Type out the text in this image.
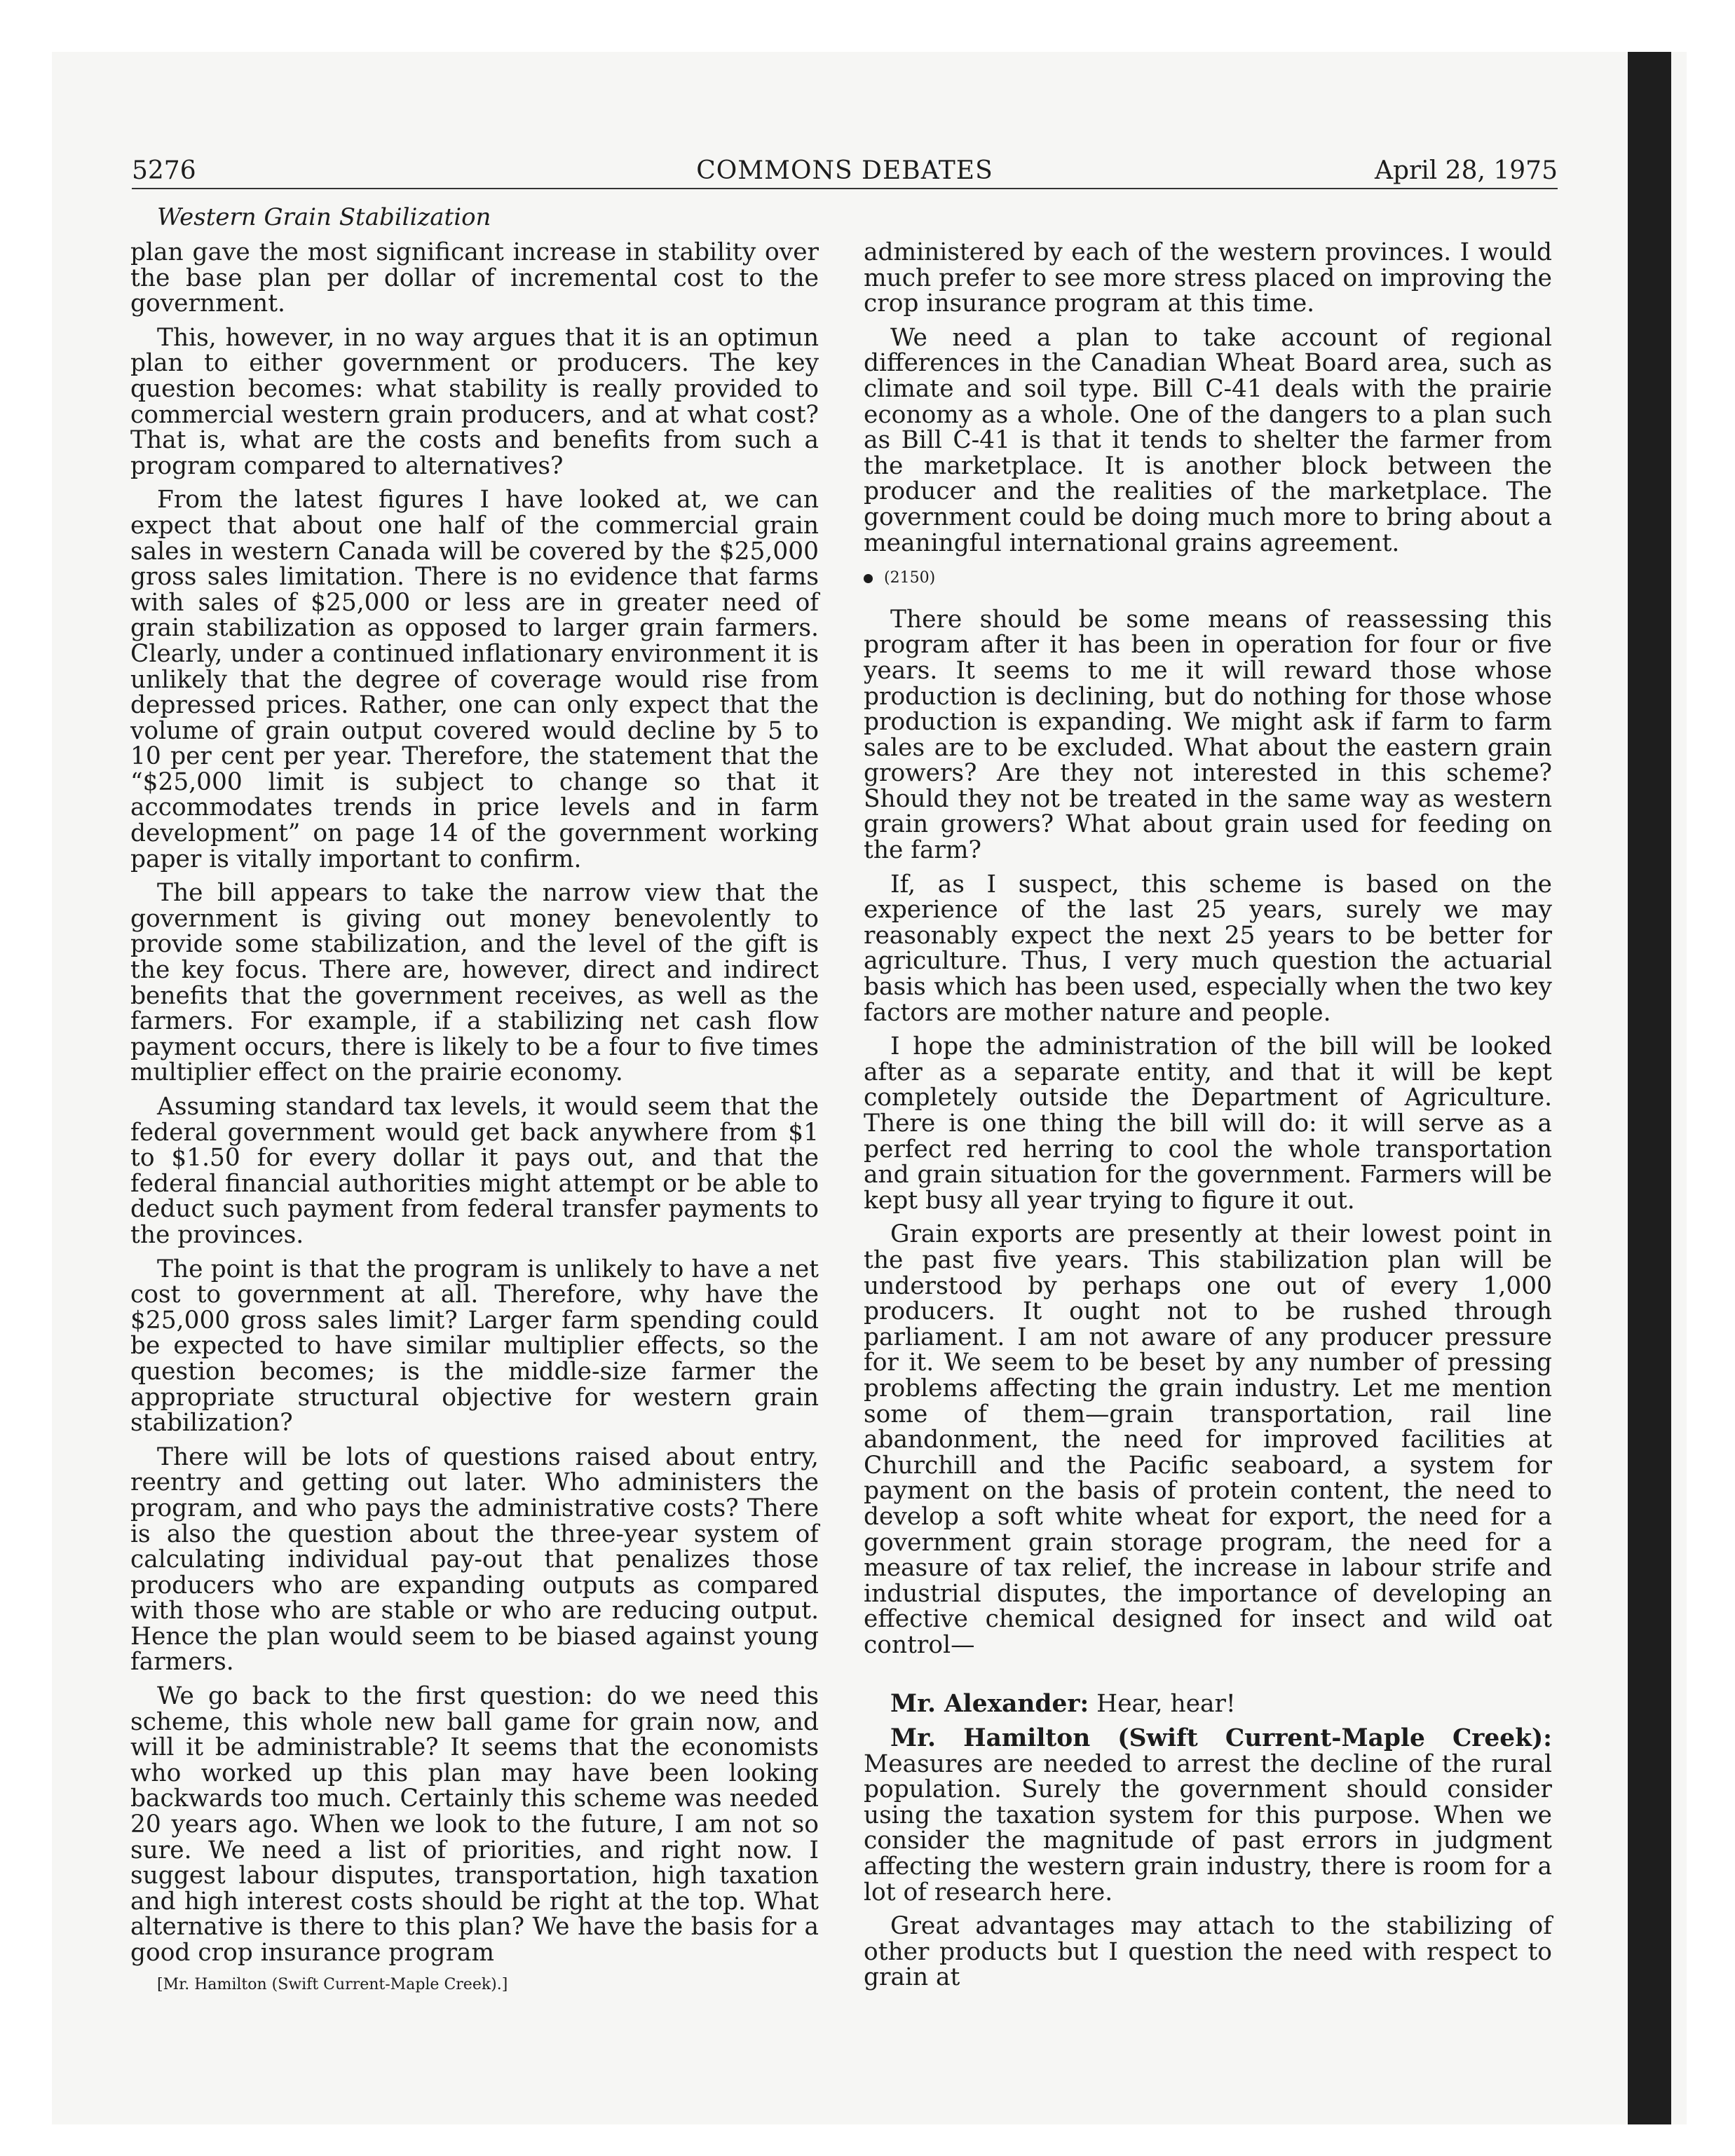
5276	COMMONS DEBATES	April 28, 1975

Western Grain Stabilization

plan gave the most significant increase in stability over the base plan per dollar of incremental cost to the government.

This, however, in no way argues that it is an optimun plan to either government or producers. The key question becomes: what stability is really provided to commercial western grain producers, and at what cost? That is, what are the costs and benefits from such a program compared to alternatives?

From the latest figures I have looked at, we can expect that about one half of the commercial grain sales in western Canada will be covered by the $25,000 gross sales limitation. There is no evidence that farms with sales of $25,000 or less are in greater need of grain stabilization as opposed to larger grain farmers. Clearly, under a continued inflationary environment it is unlikely that the degree of coverage would rise from depressed prices. Rather, one can only expect that the volume of grain output covered would decline by 5 to 10 per cent per year. Therefore, the statement that the “$25,000 limit is subject to change so that it accommodates trends in price levels and in farm development” on page 14 of the government working paper is vitally important to confirm.

The bill appears to take the narrow view that the government is giving out money benevolently to provide some stabilization, and the level of the gift is the key focus. There are, however, direct and indirect benefits that the government receives, as well as the farmers. For example, if a stabilizing net cash flow payment occurs, there is likely to be a four to five times multiplier effect on the prairie economy.

Assuming standard tax levels, it would seem that the federal government would get back anywhere from $1 to $1.50 for every dollar it pays out, and that the federal financial authorities might attempt or be able to deduct such payment from federal transfer payments to the provinces.

The point is that the program is unlikely to have a net cost to government at all. Therefore, why have the $25,000 gross sales limit? Larger farm spending could be expected to have similar multiplier effects, so the question becomes; is the middle-size farmer the appropriate structural objective for western grain stabilization?

There will be lots of questions raised about entry, reentry and getting out later. Who administers the program, and who pays the administrative costs? There is also the question about the three-year system of calculating individual pay-out that penalizes those producers who are expanding outputs as compared with those who are stable or who are reducing output. Hence the plan would seem to be biased against young farmers.

We go back to the first question: do we need this scheme, this whole new ball game for grain now, and will it be administrable? It seems that the economists who worked up this plan may have been looking backwards too much. Certainly this scheme was needed 20 years ago. When we look to the future, I am not so sure. We need a list of priorities, and right now. I suggest labour disputes, transportation, high taxation and high interest costs should be right at the top. What alternative is there to this plan? We have the basis for a good crop insurance program

[Mr. Hamilton (Swift Current-Maple Creek).]

administered by each of the western provinces. I would much prefer to see more stress placed on improving the crop insurance program at this time.

We need a plan to take account of regional differences in the Canadian Wheat Board area, such as climate and soil type. Bill C-41 deals with the prairie economy as a whole. One of the dangers to a plan such as Bill C-41 is that it tends to shelter the farmer from the marketplace. It is another block between the producer and the realities of the marketplace. The government could be doing much more to bring about a meaningful international grains agreement.

(2150)

There should be some means of reassessing this program after it has been in operation for four or five years. It seems to me it will reward those whose production is declining, but do nothing for those whose production is expanding. We might ask if farm to farm sales are to be excluded. What about the eastern grain growers? Are they not interested in this scheme? Should they not be treated in the same way as western grain growers? What about grain used for feeding on the farm?

If, as I suspect, this scheme is based on the experience of the last 25 years, surely we may reasonably expect the next 25 years to be better for agriculture. Thus, I very much question the actuarial basis which has been used, especially when the two key factors are mother nature and people.

I hope the administration of the bill will be looked after as a separate entity, and that it will be kept completely outside the Department of Agriculture. There is one thing the bill will do: it will serve as a perfect red herring to cool the whole transportation and grain situation for the government. Farmers will be kept busy all year trying to figure it out.

Grain exports are presently at their lowest point in the past five years. This stabilization plan will be understood by perhaps one out of every 1,000 producers. It ought not to be rushed through parliament. I am not aware of any producer pressure for it. We seem to be beset by any number of pressing problems affecting the grain industry. Let me mention some of them—grain transportation, rail line abandonment, the need for improved facilities at Churchill and the Pacific seaboard, a system for payment on the basis of protein content, the need to develop a soft white wheat for export, the need for a government grain storage program, the need for a measure of tax relief, the increase in labour strife and industrial disputes, the importance of developing an effective chemical designed for insect and wild oat control—

Mr. Alexander: Hear, hear!

Mr. Hamilton (Swift Current-Maple Creek): Measures are needed to arrest the decline of the rural population. Surely the government should consider using the taxation system for this purpose. When we consider the magnitude of past errors in judgment affecting the western grain industry, there is room for a lot of research here.

Great advantages may attach to the stabilizing of other products but I question the need with respect to grain at
